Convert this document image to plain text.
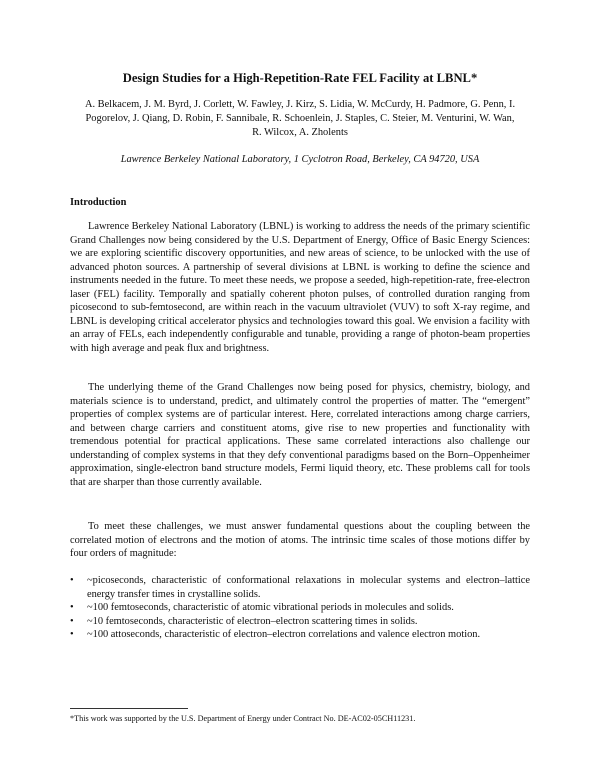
Design Studies for a High-Repetition-Rate FEL Facility at LBNL*
A. Belkacem, J. M. Byrd, J. Corlett, W. Fawley, J. Kirz, S. Lidia, W. McCurdy, H. Padmore, G. Penn, I. Pogorelov, J. Qiang, D. Robin, F. Sannibale, R. Schoenlein, J. Staples, C. Steier, M. Venturini, W. Wan, R. Wilcox, A. Zholents
Lawrence Berkeley National Laboratory, 1 Cyclotron Road, Berkeley, CA 94720, USA
Introduction

Lawrence Berkeley National Laboratory (LBNL) is working to address the needs of the primary scientific Grand Challenges now being considered by the U.S. Department of Energy, Office of Basic Energy Sciences: we are exploring scientific discovery opportunities, and new areas of science, to be unlocked with the use of advanced photon sources. A partnership of several divisions at LBNL is working to define the science and instruments needed in the future. To meet these needs, we propose a seeded, high-repetition-rate, free-electron laser (FEL) facility. Temporally and spatially coherent photon pulses, of controlled duration ranging from picosecond to sub-femtosecond, are within reach in the vacuum ultraviolet (VUV) to soft X-ray regime, and LBNL is developing critical accelerator physics and technologies toward this goal. We envision a facility with an array of FELs, each independently configurable and tunable, providing a range of photon-beam properties with high average and peak flux and brightness.

The underlying theme of the Grand Challenges now being posed for physics, chemistry, biology, and materials science is to understand, predict, and ultimately control the properties of matter. The “emergent” properties of complex systems are of particular interest. Here, correlated interactions among charge carriers, and between charge carriers and constituent atoms, give rise to new properties and functionality with tremendous potential for practical applications. These same correlated interactions also challenge our understanding of complex systems in that they defy conventional paradigms based on the Born–Oppenheimer approximation, single-electron band structure models, Fermi liquid theory, etc. These problems call for tools that are sharper than those currently available.

To meet these challenges, we must answer fundamental questions about the coupling between the correlated motion of electrons and the motion of atoms. The intrinsic time scales of those motions differ by four orders of magnitude:

• ~picoseconds, characteristic of conformational relaxations in molecular systems and electron–lattice energy transfer times in crystalline solids.
• ~100 femtoseconds, characteristic of atomic vibrational periods in molecules and solids.
• ~10 femtoseconds, characteristic of electron–electron scattering times in solids.
• ~100 attoseconds, characteristic of electron–electron correlations and valence electron motion.
*This work was supported by the U.S. Department of Energy under Contract No. DE-AC02-05CH11231.
